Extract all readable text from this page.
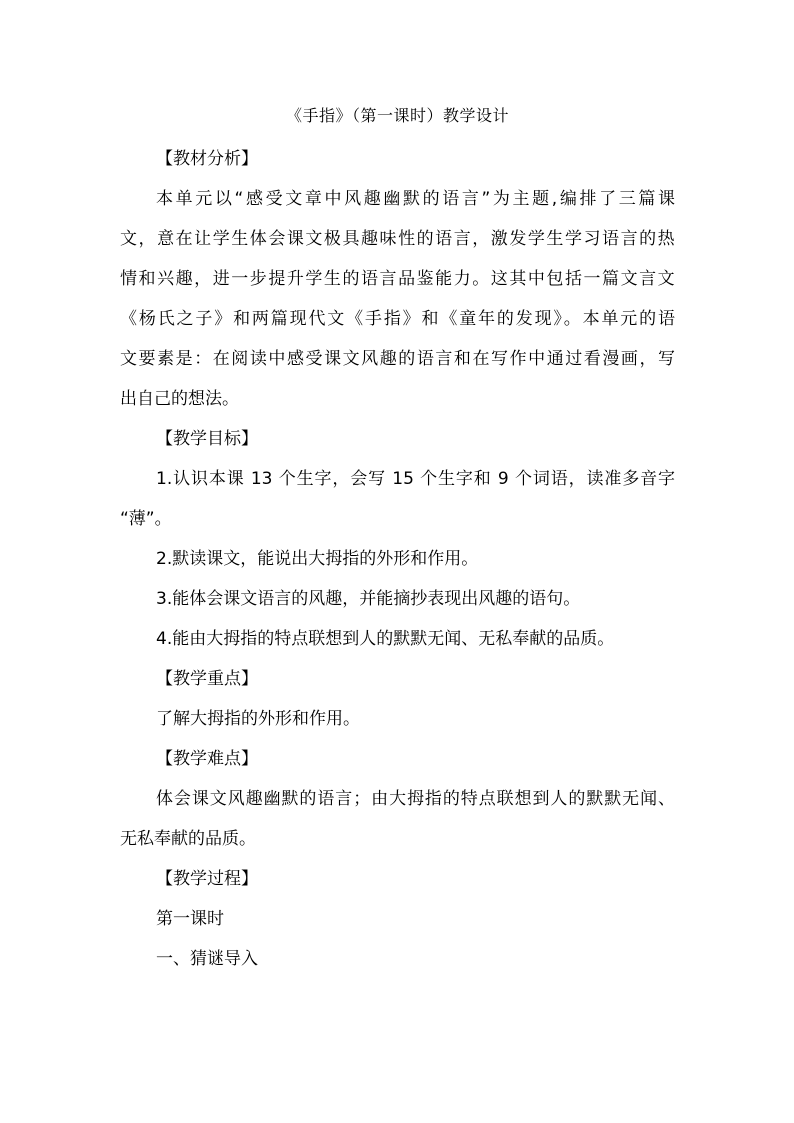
《手指》（第一课时）教学设计
【教材分析】
本单元以“感受文章中风趣幽默的语言”为主题,编排了三篇课
文，意在让学生体会课文极具趣味性的语言，激发学生学习语言的热
情和兴趣，进一步提升学生的语言品鉴能力。这其中包括一篇文言文
《杨氏之子》和两篇现代文《手指》和《童年的发现》。本单元的语
文要素是：在阅读中感受课文风趣的语言和在写作中通过看漫画，写
出自己的想法。
【教学目标】
1.认识本课 13 个生字，会写 15 个生字和 9 个词语，读准多音字
“薄”。
2.默读课文，能说出大拇指的外形和作用。
3.能体会课文语言的风趣，并能摘抄表现出风趣的语句。
4.能由大拇指的特点联想到人的默默无闻、无私奉献的品质。
【教学重点】
了解大拇指的外形和作用。
【教学难点】
体会课文风趣幽默的语言；由大拇指的特点联想到人的默默无闻、
无私奉献的品质。
【教学过程】
第一课时
一、猜谜导入
